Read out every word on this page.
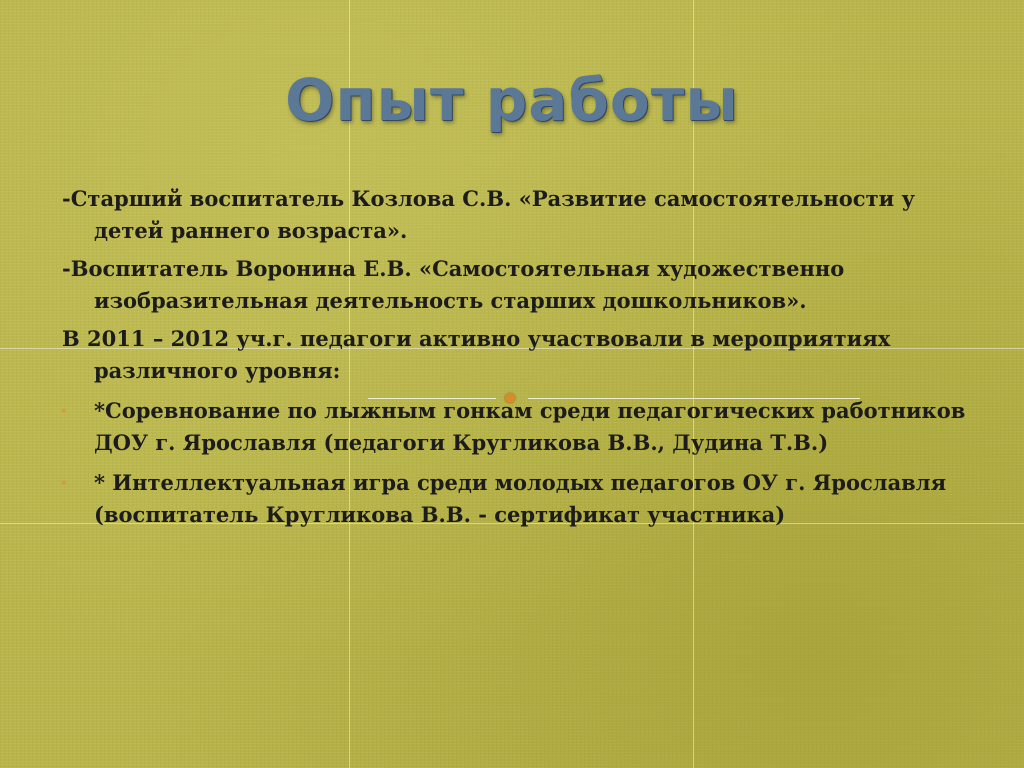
Опыт работы

-Старший воспитатель Козлова С.В. «Развитие самостоятельности у детей раннего возраста».

-Воспитатель Воронина Е.В. «Самостоятельная художественно изобразительная деятельность старших дошкольников».

В 2011 – 2012 уч.г. педагоги активно участвовали в мероприятиях различного уровня:

• *Соревнование по лыжным гонкам среди педагогических работников ДОУ г. Ярославля (педагоги Кругликова В.В., Дудина Т.В.)
• * Интеллектуальная игра среди молодых педагогов ОУ г. Ярославля (воспитатель Кругликова В.В. - сертификат участника)
